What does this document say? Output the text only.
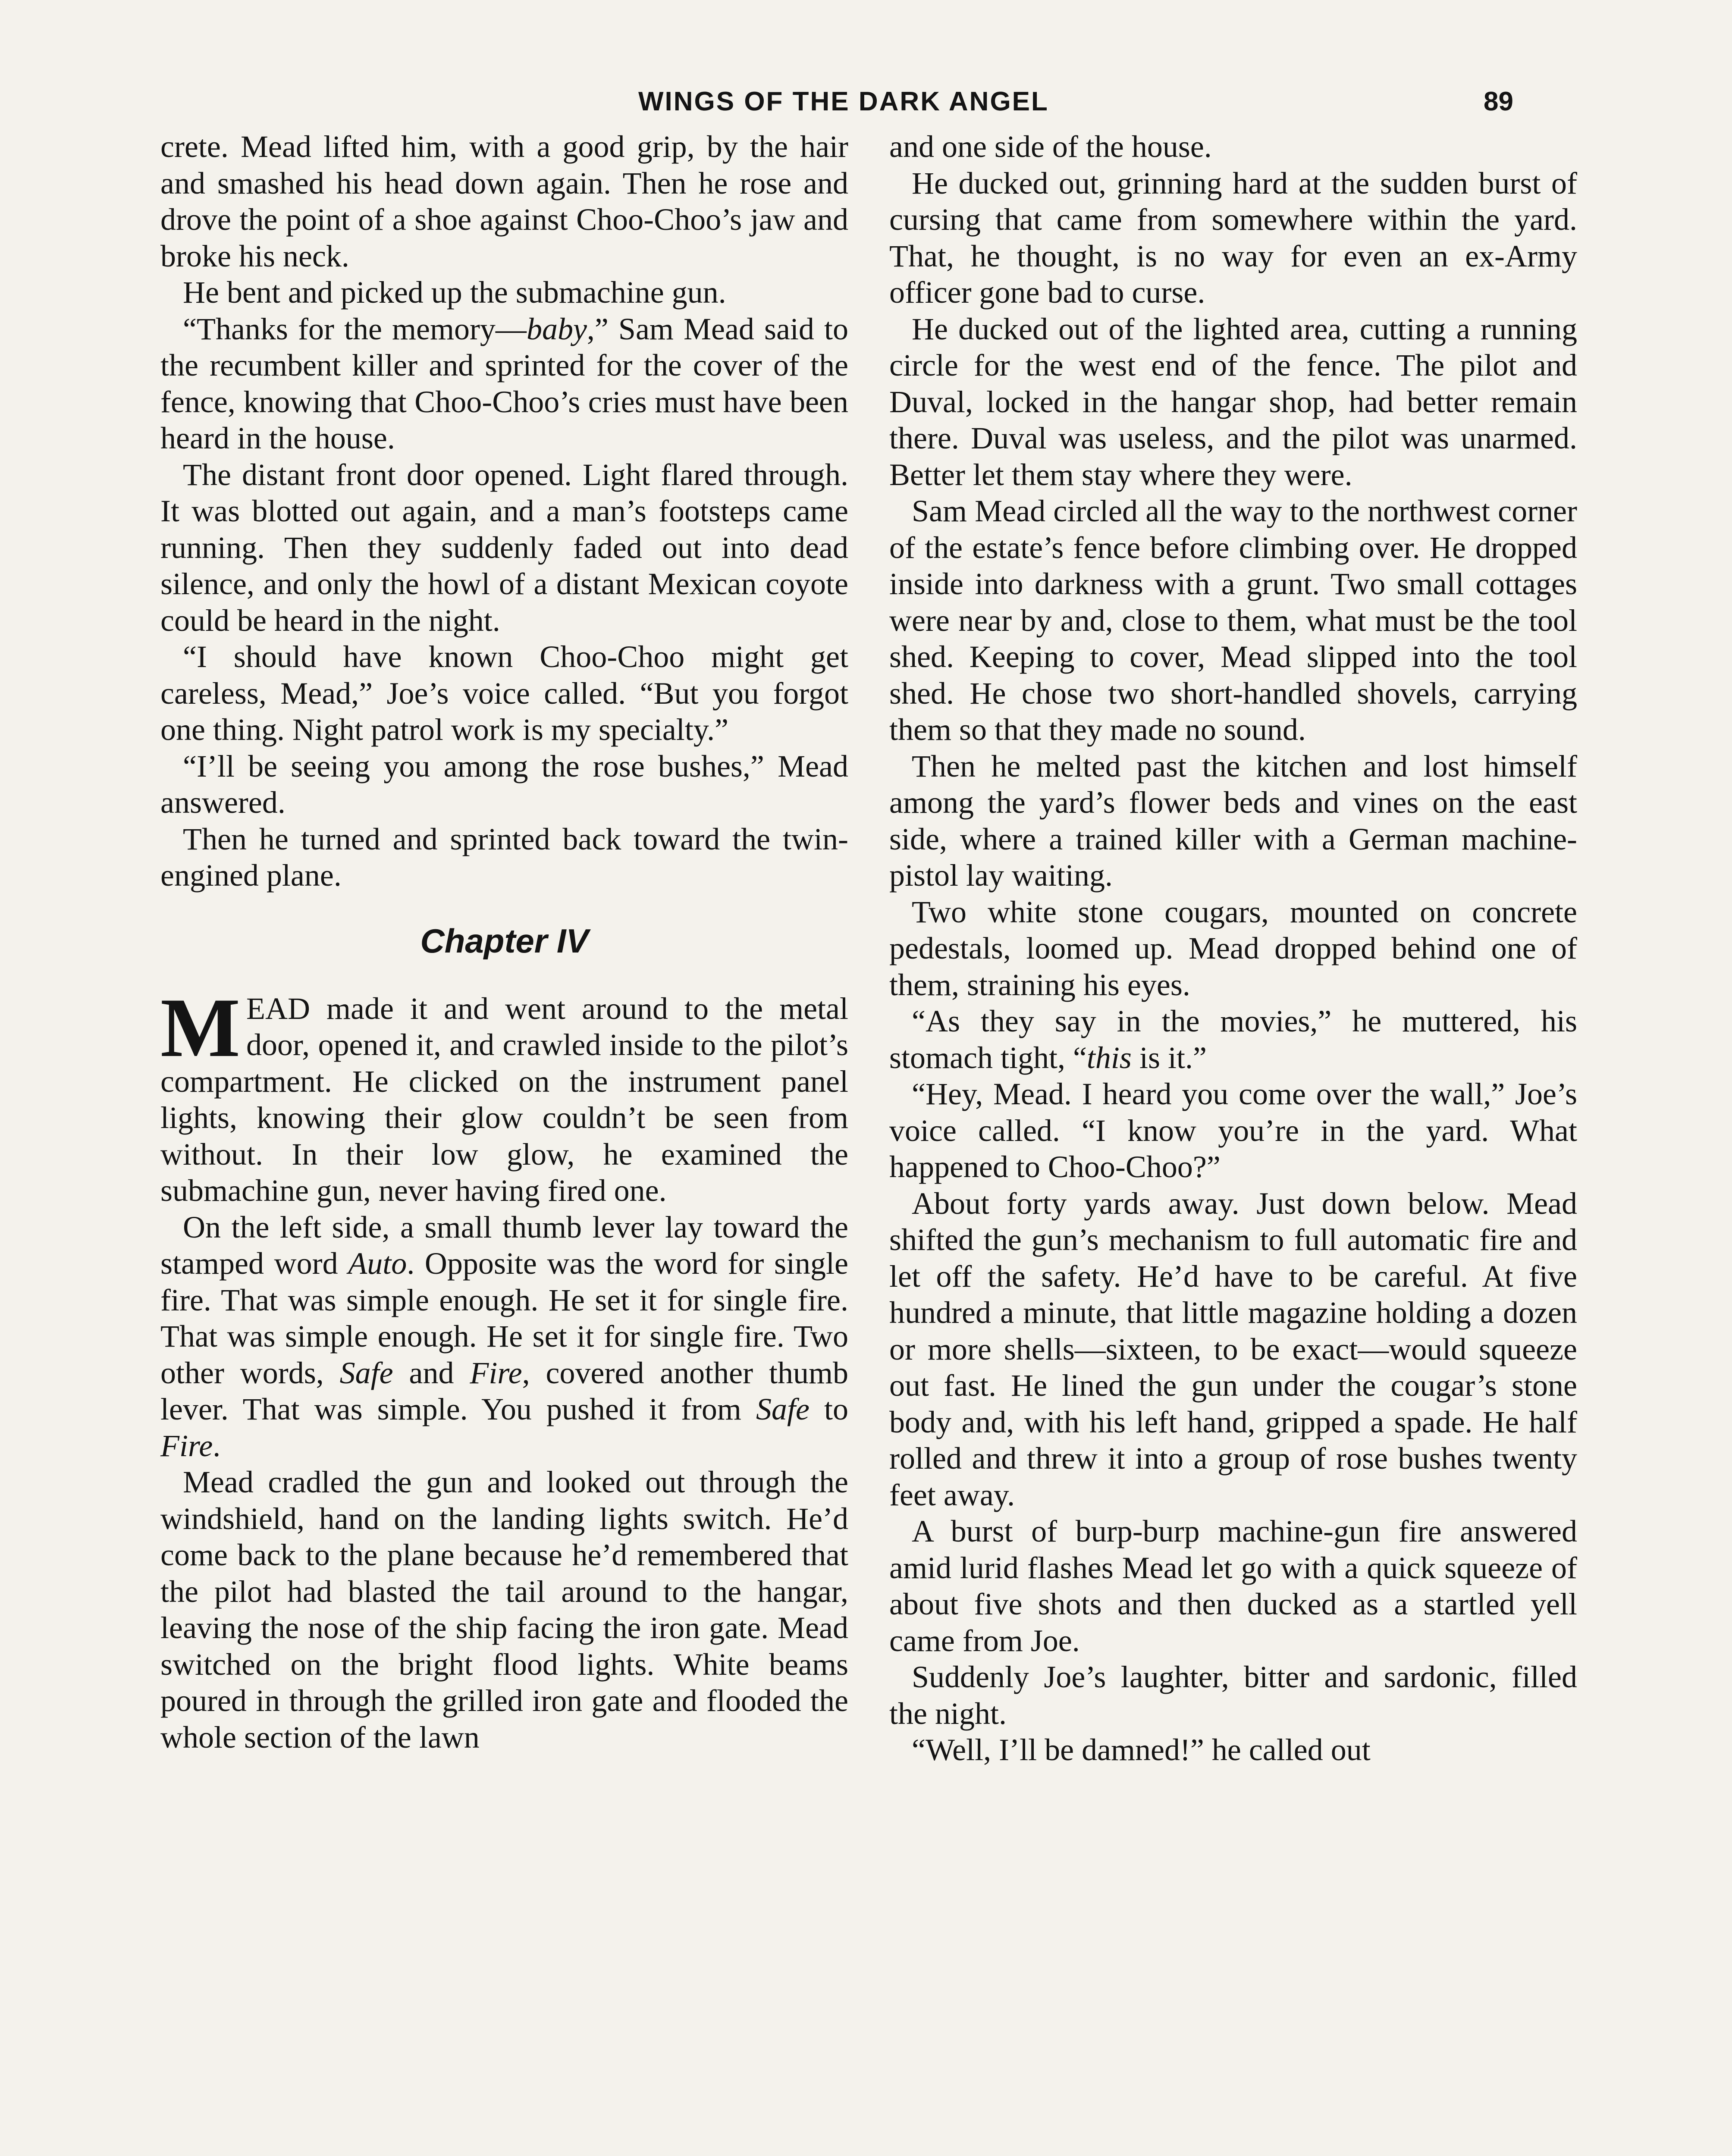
WINGS OF THE DARK ANGEL	89

crete. Mead lifted him, with a good grip, by the hair and smashed his head down again. Then he rose and drove the point of a shoe against Choo-Choo’s jaw and broke his neck.

He bent and picked up the submachine gun.

“Thanks for the memory—baby,” Sam Mead said to the recumbent killer and sprinted for the cover of the fence, knowing that Choo-Choo’s cries must have been heard in the house.

The distant front door opened. Light flared through. It was blotted out again, and a man’s footsteps came running. Then they suddenly faded out into dead silence, and only the howl of a distant Mexican coyote could be heard in the night.

“I should have known Choo-Choo might get careless, Mead,” Joe’s voice called. “But you forgot one thing. Night patrol work is my specialty.”

“I’ll be seeing you among the rose bushes,” Mead answered.

Then he turned and sprinted back toward the twin-engined plane.

Chapter IV

MEAD made it and went around to the metal door, opened it, and crawled inside to the pilot’s compartment. He clicked on the instrument panel lights, knowing their glow couldn’t be seen from without. In their low glow, he examined the submachine gun, never having fired one.

On the left side, a small thumb lever lay toward the stamped word Auto. Opposite was the word for single fire. That was simple enough. He set it for single fire. That was simple enough. He set it for single fire. Two other words, Safe and Fire, covered another thumb lever. That was simple. You pushed it from Safe to Fire.

Mead cradled the gun and looked out through the windshield, hand on the landing lights switch. He’d come back to the plane because he’d remembered that the pilot had blasted the tail around to the hangar, leaving the nose of the ship facing the iron gate. Mead switched on the bright flood lights. White beams poured in through the grilled iron gate and flooded the whole section of the lawn

and one side of the house.

He ducked out, grinning hard at the sudden burst of cursing that came from somewhere within the yard. That, he thought, is no way for even an ex-Army officer gone bad to curse.

He ducked out of the lighted area, cutting a running circle for the west end of the fence. The pilot and Duval, locked in the hangar shop, had better remain there. Duval was useless, and the pilot was unarmed. Better let them stay where they were.

Sam Mead circled all the way to the northwest corner of the estate’s fence before climbing over. He dropped inside into darkness with a grunt. Two small cottages were near by and, close to them, what must be the tool shed. Keeping to cover, Mead slipped into the tool shed. He chose two short-handled shovels, carrying them so that they made no sound.

Then he melted past the kitchen and lost himself among the yard’s flower beds and vines on the east side, where a trained killer with a German machine-pistol lay waiting.

Two white stone cougars, mounted on concrete pedestals, loomed up. Mead dropped behind one of them, straining his eyes.

“As they say in the movies,” he muttered, his stomach tight, “this is it.”

“Hey, Mead. I heard you come over the wall,” Joe’s voice called. “I know you’re in the yard. What happened to Choo-Choo?”

About forty yards away. Just down below. Mead shifted the gun’s mechanism to full automatic fire and let off the safety. He’d have to be careful. At five hundred a minute, that little magazine holding a dozen or more shells—sixteen, to be exact—would squeeze out fast. He lined the gun under the cougar’s stone body and, with his left hand, gripped a spade. He half rolled and threw it into a group of rose bushes twenty feet away.

A burst of burp-burp machine-gun fire answered amid lurid flashes Mead let go with a quick squeeze of about five shots and then ducked as a startled yell came from Joe.

Suddenly Joe’s laughter, bitter and sardonic, filled the night.

“Well, I’ll be damned!” he called out
